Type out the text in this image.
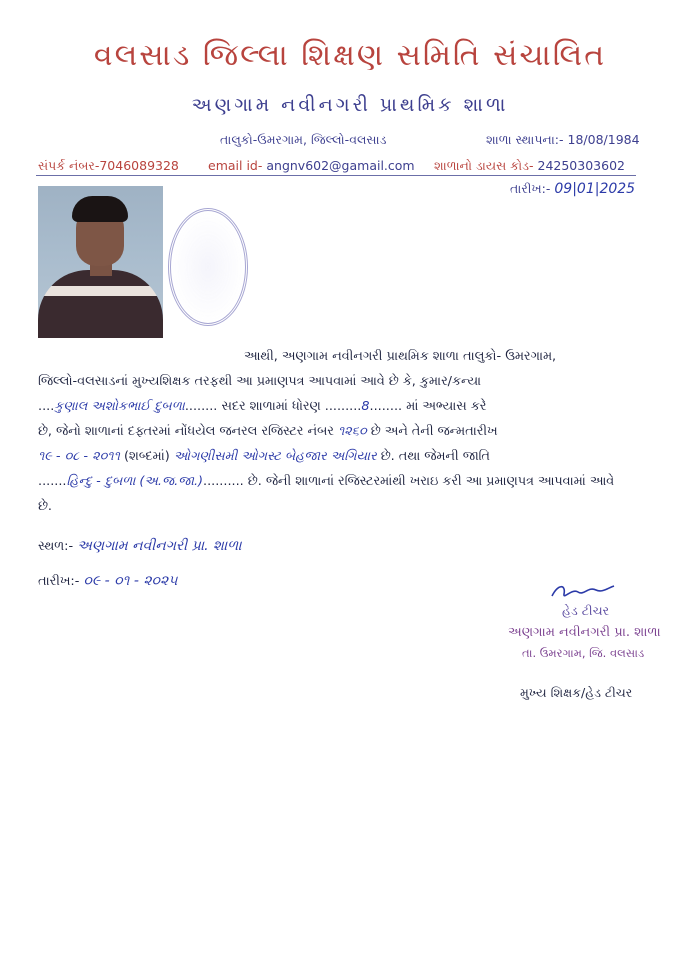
વલસાડ જિલ્લા શિક્ષણ સમિતિ સંચાલિત
અણગામ નવીનગરી પ્રાથમિક શાળા
તાલુકો-ઉમરગામ, જિલ્લો-વલસાડ	શાળા સ્થાપના:- 18/08/1984
સંપર્ક નંબર-7046089328 email id- angnv602@gamail.com શાળાનો ડાયસ કોડ- 24250303602
તારીખ:- 09|01|2025
આથી, અણગામ નવીનગરી પ્રાથમિક શાળા તાલુકો- ઉમરગામ,
જિલ્લો-વલસાડનાં મુખ્યશિક્ષક તરફથી આ પ્રમાણપત્ર આપવામાં આવે છે કે, કુમાર/કન્યા
....કુણાલ અશોકભાઈ દુબળા........ સદર શાળામાં ધોરણ .........8........ માં અભ્યાસ કરે
છે, જેનો શાળાનાં દફ્તરમાં નોંધયેલ જનરલ રજિસ્ટર નંબર ૧૨૬૦ છે અને તેની જન્મતારીખ
૧૯ - ૦૮ - ૨૦૧૧ (શબ્દમાં) ઓગણીસમી ઓગસ્ટ બેહજાર અગિયાર છે. તથા જેમની જાતિ
.......હિન્દુ - દુબળા (અ.જ.જા.).......... છે. જેની શાળાનાં રજિસ્ટરમાંથી ખરાઇ કરી આ પ્રમાણપત્ર આપવામાં આવે
છે.
સ્થળ:- અણગામ નવીનગરી પ્રા. શાળા
તારીખ:- ૦૯ - ૦૧ - ૨૦૨૫
હેડ ટીચર
અણગામ નવીનગરી પ્રા. શાળા
તા. ઉમરગામ, જિ. વલસાડ
મુખ્ય શિક્ષક/હેડ ટીચર
